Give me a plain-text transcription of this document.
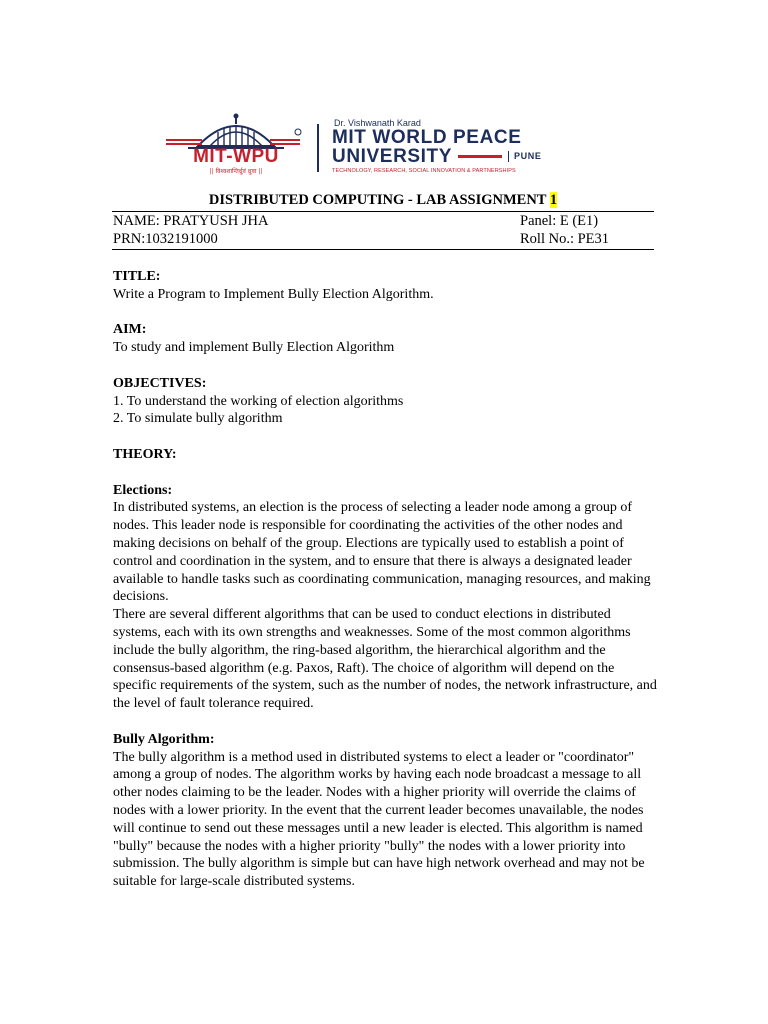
MIT-WPU
|| विश्वशान्तिर्ध्रुवं ध्रुवा ||
Dr. Vishwanath Karad
MIT WORLD PEACE
UNIVERSITY	PUNE
TECHNOLOGY, RESEARCH, SOCIAL INNOVATION & PARTNERSHIPS
DISTRIBUTED COMPUTING - LAB ASSIGNMENT 1
NAME: PRATYUSH JHA	Panel: E (E1)
PRN:1032191000	Roll No.: PE31

TITLE:

Write a Program to Implement Bully Election Algorithm.

AIM:

To study and implement Bully Election Algorithm

OBJECTIVES:

1. To understand the working of election algorithms

2. To simulate bully algorithm

THEORY:

Elections:

In distributed systems, an election is the process of selecting a leader node among a group of nodes. This leader node is responsible for coordinating the activities of the other nodes and making decisions on behalf of the group. Elections are typically used to establish a point of control and coordination in the system, and to ensure that there is always a designated leader available to handle tasks such as coordinating communication, managing resources, and making decisions.

There are several different algorithms that can be used to conduct elections in distributed systems, each with its own strengths and weaknesses. Some of the most common algorithms include the bully algorithm, the ring-based algorithm, the hierarchical algorithm and the consensus-based algorithm (e.g. Paxos, Raft). The choice of algorithm will depend on the specific requirements of the system, such as the number of nodes, the network infrastructure, and the level of fault tolerance required.

Bully Algorithm:

The bully algorithm is a method used in distributed systems to elect a leader or "coordinator" among a group of nodes. The algorithm works by having each node broadcast a message to all other nodes claiming to be the leader. Nodes with a higher priority will override the claims of nodes with a lower priority. In the event that the current leader becomes unavailable, the nodes will continue to send out these messages until a new leader is elected. This algorithm is named "bully" because the nodes with a higher priority "bully" the nodes with a lower priority into submission. The bully algorithm is simple but can have high network overhead and may not be suitable for large-scale distributed systems.
